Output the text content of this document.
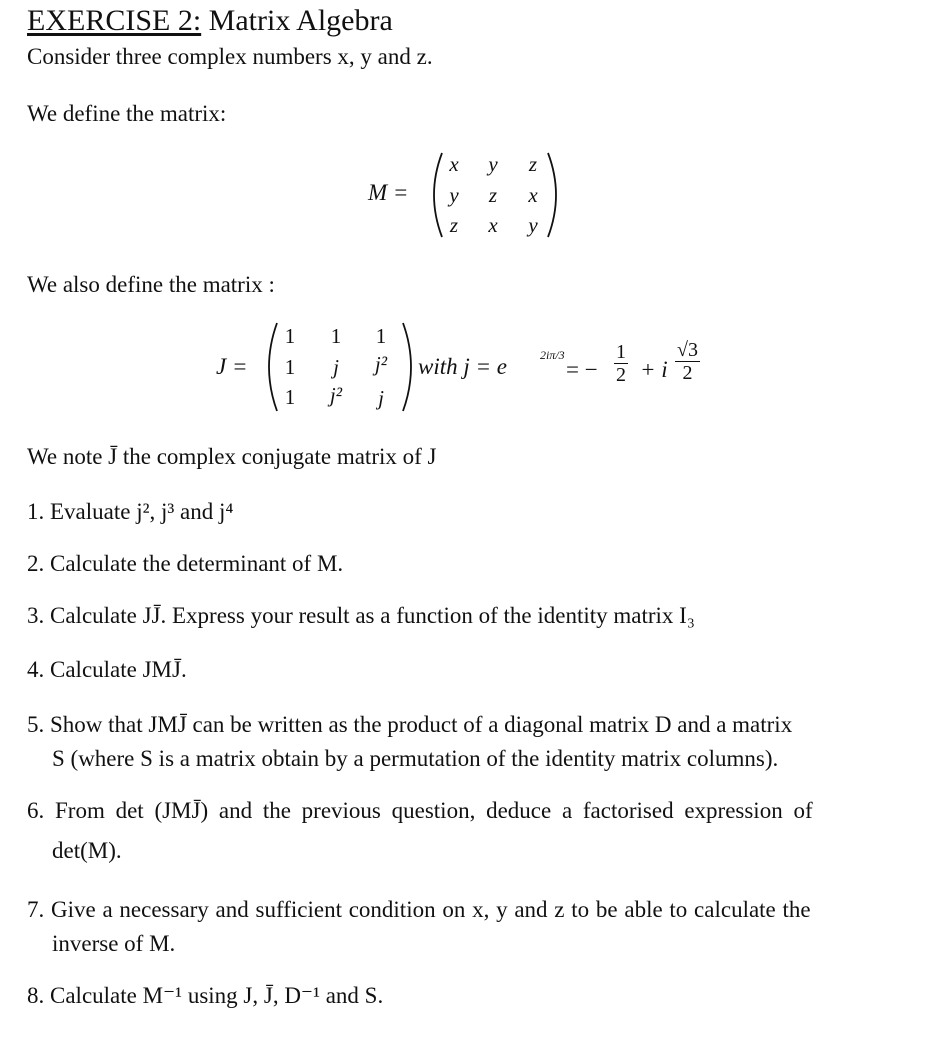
EXERCISE 2: Matrix Algebra
Consider three complex numbers x, y and z.
We define the matrix:
M =
x	y	z
y	z	x
z	x	y
We also define the matrix :
J =
1	1	1
1	j	j²
1	j²	j
with j = e	2iπ/3
= − $\frac{1}{2} + i \frac{√3}{2}$
We note J̄ the complex conjugate matrix of J
1. Evaluate j², j³ and j⁴
2. Calculate the determinant of M.
3. Calculate JJ̄. Express your result as a function of the identity matrix I₃
4. Calculate JMJ̄.
5. Show that JMJ̄ can be written as the product of a diagonal matrix D and a matrix
S (where S is a matrix obtain by a permutation of the identity matrix columns).
6. From det (JMJ̄) and the previous question, deduce a factorised expression of
det(M).
7. Give a necessary and sufficient condition on x, y and z to be able to calculate the
inverse of M.
8. Calculate M⁻¹ using J, J̄, D⁻¹ and S.
